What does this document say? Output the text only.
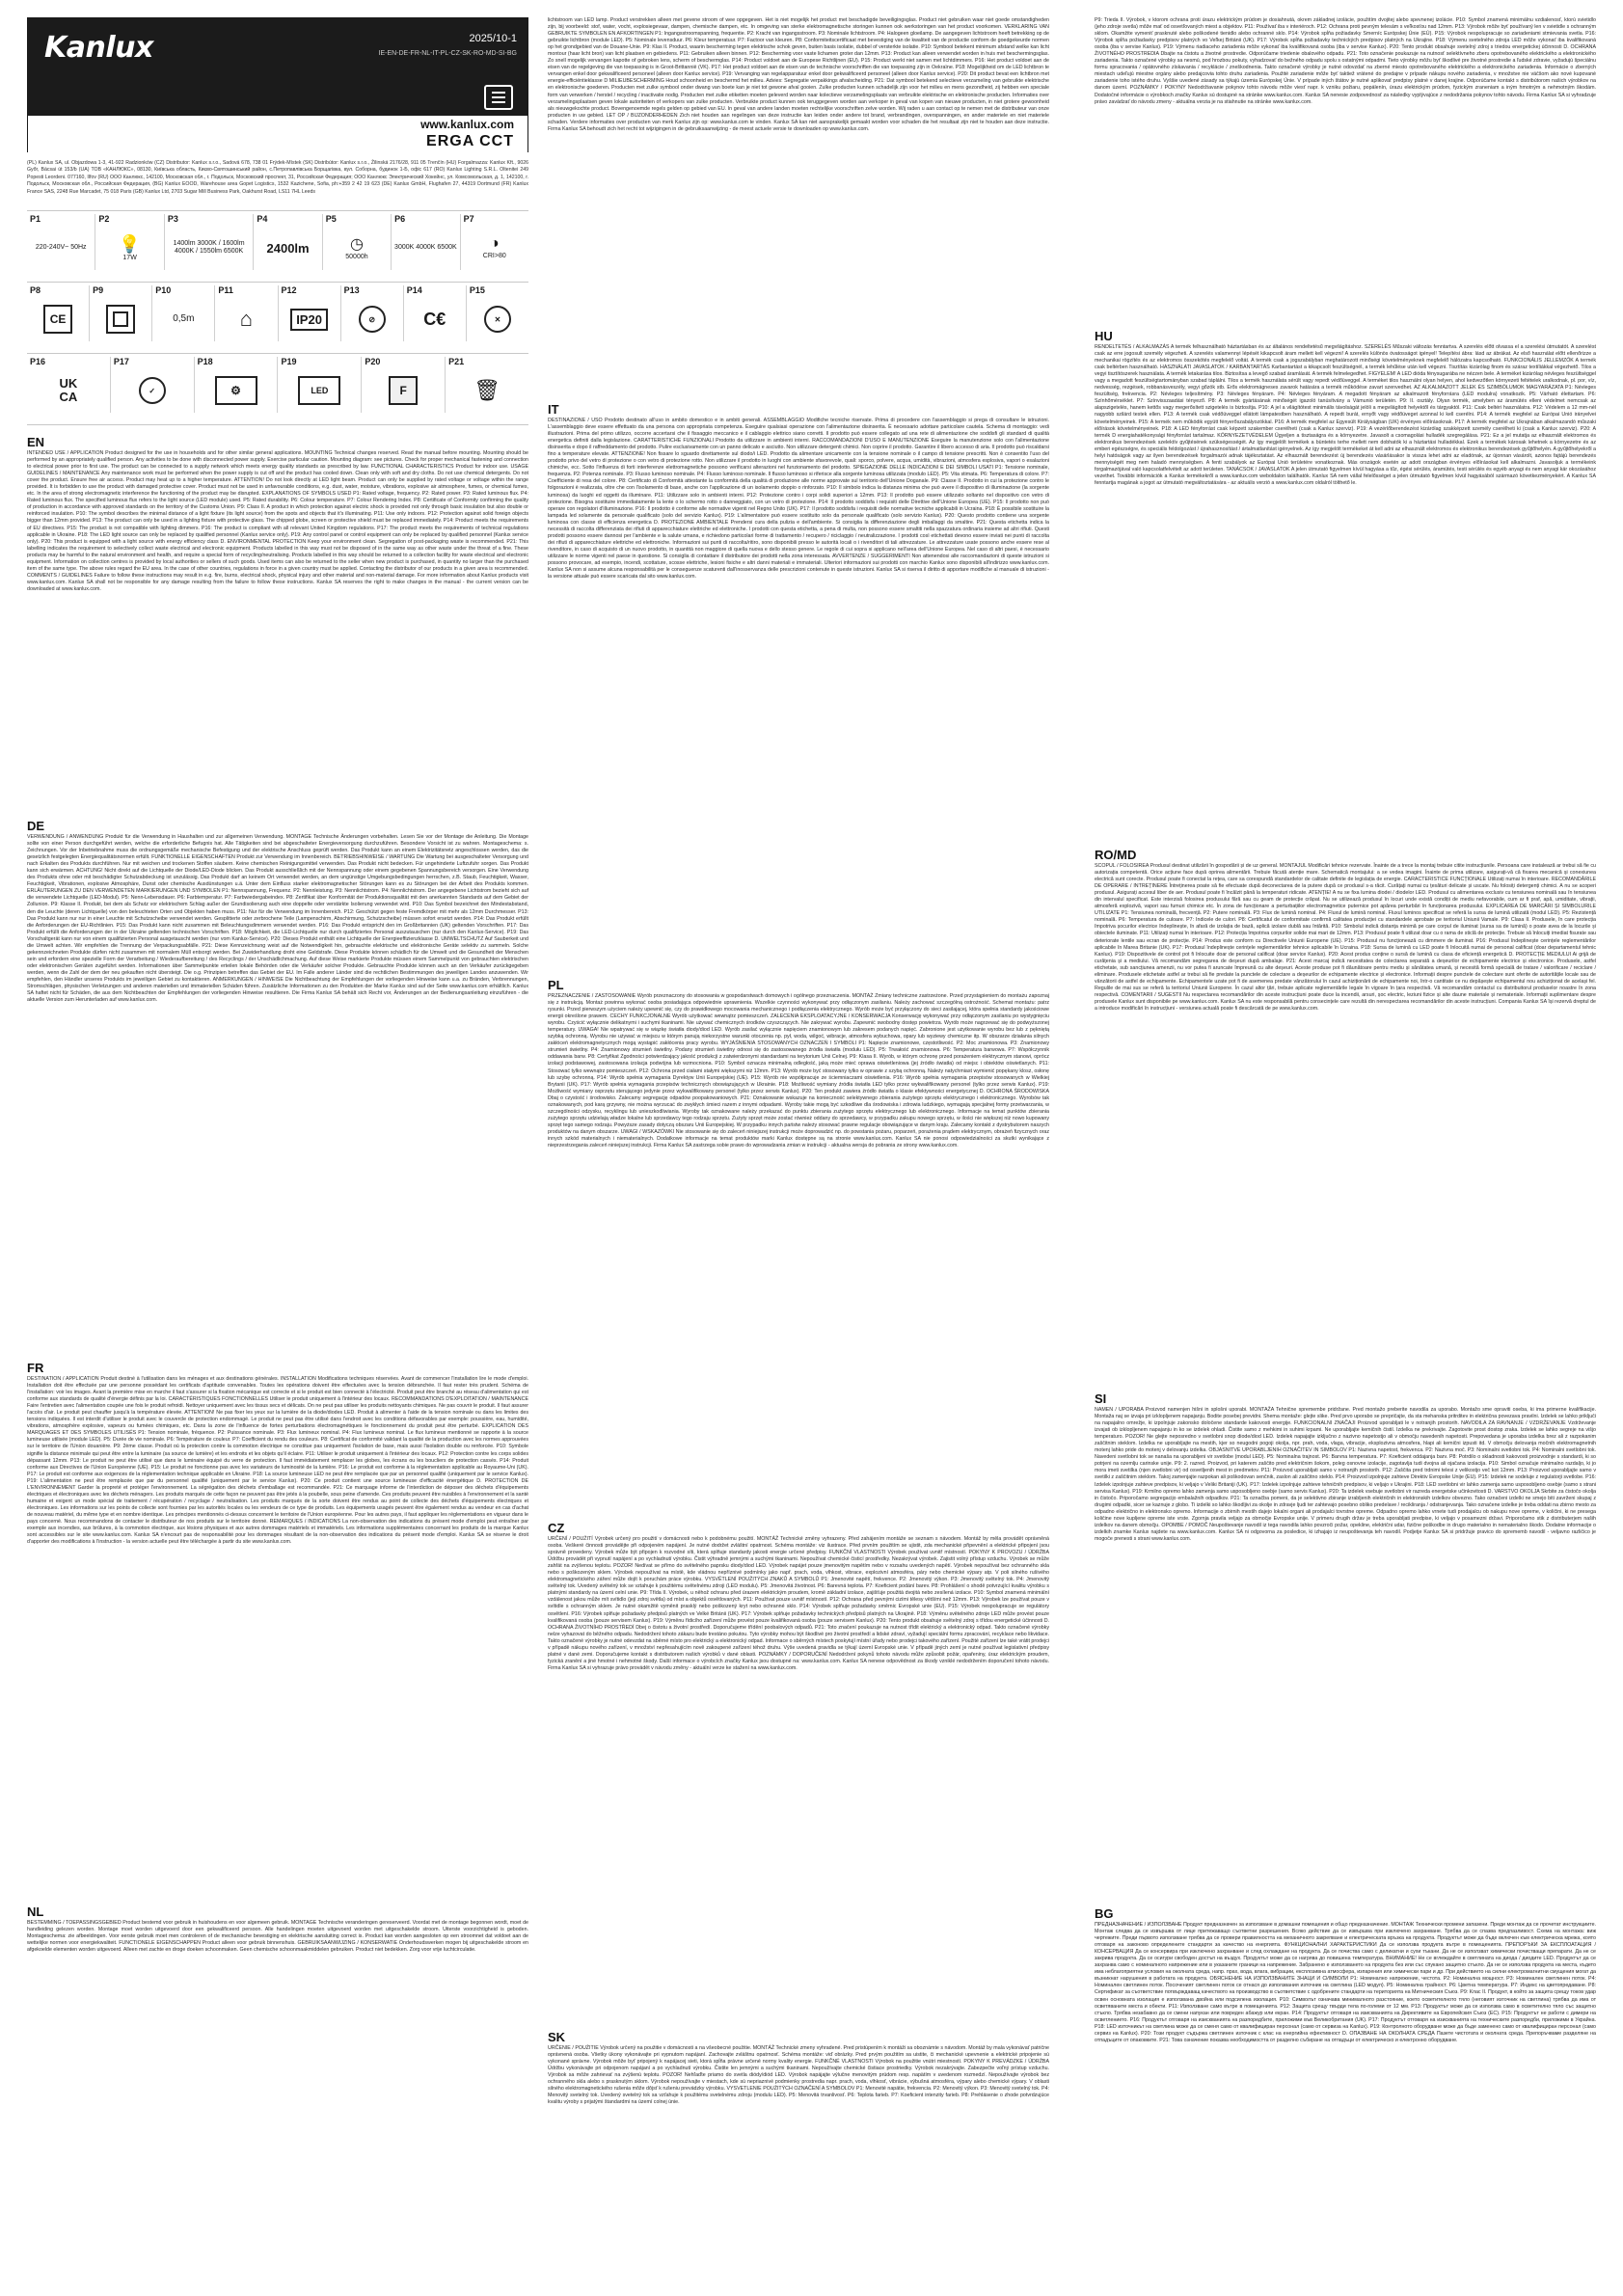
Kanlux	2025/10-1
IE-EN-DE-FR-NL-IT-PL-CZ-SK-RO-MD-SI-BG
www.kanlux.com
ERGA CCT
(PL) Kanlux SA, ul. Objazdowa 1-3, 41-922 Radzionków (CZ) Distributor: Kanlux s.r.o., Sadová 678, 738 01 Frýdek-Místek (SK) Distribútor: Kanlux s.r.o., Žilinská 2176/28, 911 05 Trenčín (HU) Forgalmazza: Kanlux Kft., 9026 Győr, Bácsai út 153/b (UA) TOB «КАНЛЮКС», 08130, Київська область, Києво-Святошинський район, с.Петропавлівська Борщагівка, вул. Соборна, будинок 1-Б, офіс 617 (RO) Kanlux Lighting S.R.L. Oltenitei 249 Popesti Leordeni. 077160, Ilfov (RU) ООО Канлюкс, 142100, Московская обл., г. Подольск, Московский проспект, 31, Российская Федерация; ООО Канлюкс Электрический Хокейнс, ул. Комсомольская, д. 1, 142100, г. Подольск, Московская обл., Российская Федерация, (BG) Kanlux EOOD, Warehouse area Gopet Logistics, 1532 Kazichene, Sofia, ph:+359 2 42 19 623 (DE) Kanlux GmbH, Flughafen 27, 44319 Dortmund (FR) Kanlux France SAS, 2248 Rue Marcadet, 75 018 Paris (GB) Kanlux Ltd, 2703 Sugar Mill Business Park, Oakhurst Road, LS11 7HL Leeds
P1
220-240V~ 50Hz
P2
💡
17W
P3
1400lm 3000K / 1600lm 4000K / 1550lm 6500K
P4
2400lm
P5
◷
50000h
P6
3000K 4000K 6500K
P7
◑
CRI>80
P8
CE
P9	P10
0,5m
P11
⌂
P12
IP20
P13
⊘
P14
C€
P15
✕
P16
UK CA
P17
✓
P18
⚙
P19
LED
P20
F
P21
🗑
EN
INTENDED USE / APPLICATION Product designed for the use in households and for other similar general applications. MOUNTING Technical changes reserved. Read the manual before mounting. Mounting should be performed by an appropriately qualified person. Any activities to be done with disconnected power supply. Exercise particular caution. Mounting diagram: see pictures. Check for proper mechanical fastening and connection to electrical power prior to first use. The product can be connected to a supply network which meets energy quality standards as prescribed by law. FUNCTIONAL CHARACTERISTICS Product for indoor use. USAGE GUIDELINES / MAINTENANCE Any maintenance work must be performed when the power supply is cut off and the product has cooled down. Clean only with soft and dry cloths. Do not use chemical detergents. Do not cover the product. Ensure free air access. Product may heat up to a higher temperature. ATTENTION! Do not look directly at LED light beam. Product can only be supplied by rated voltage or voltage within the range provided. It is forbidden to use the product with damaged protective cover. Product must not be used in unfavourable conditions, e.g. dust, water, moisture, vibrations, explosive air atmosphere, fumes, or chemical fumes, etc. In the area of strong electromagnetic interference the functioning of the product may be disrupted. EXPLANATIONS OF SYMBOLS USED P1: Rated voltage, frequency. P2: Rated power. P3: Rated luminous flux. P4: Rated luminous flux. The specified luminous flux refers to the light source (LED module) used. P5: Rated durability. P6: Colour temperature. P7: Colour Rendering Index. P8: Certificate of Conformity confirming the quality of production in accordance with approved standards on the territory of the Customs Union. P9: Class II. A product in which protection against electric shock is provided not only through basic insulation but also double or reinforced insulation. P10: The symbol describes the minimal distance of a light fixture (its light source) from the spots and objects that it's illuminating. P11: Use only indoors. P12: Protection against solid foreign objects bigger than 12mm provided. P13: The product can only be used in a lighting fixture with protective glass. The chipped globe, screen or protective shield must be replaced immediately. P14: Product meets the requirements of EU directives. P15: The product is not compatible with lighting dimmers. P16: The product is compliant with all relevant United Kingdom regulations. P17: The product meets the requirements of technical regulations applicable in Ukraine. P18: The LED light source can only be replaced by qualified personnel (Kanlux service only). P19: Any control panel or control equipment can only be replaced by qualified personnel (Kanlux service only). P20: This product is equipped with a light source with energy efficiency class D. ENVIRONMENTAL PROTECTION Keep your environment clean. Segregation of post-packaging waste is recommended. P21: This labelling indicates the requirement to selectively collect waste electrical and electronic equipment. Products labelled in this way must not be disposed of in the same way as other waste under the threat of a fine. These products may be harmful to the natural environment and health, and require a special form of recycling/neutralising. Products labelled in this way should be returned to a collection facility for waste electrical and electronic equipment. Information on collection centres is provided by local authorities or sellers of such goods. Used items can also be returned to the seller when new product is purchased, in quantity no larger than the purchased item of the same type. The above rules regard the EU area. In the case of other countries, regulations in force in a given country must be applied. Contacting the distributor of our products in a given area is recommended. COMMENTS / GUIDELINES Failure to follow these instructions may result in e.g. fire, burns, electrical shock, physical injury and other material and non-material damage. For more information about Kanlux products visit www.kanlux.com. Kanlux SA shall not be responsible for any damage resulting from the failure to follow these instructions. Kanlux SA reserves the right to make changes in the manual - the current version can be downloaded at www.kanlux.com.
DE
VERWENDUNG / ANWENDUNG Produkt für die Verwendung in Haushalten und zur allgemeinen Verwendung. MONTAGE Technische Änderungen vorbehalten. Lesen Sie vor der Montage die Anleitung. Die Montage sollte von einer Person durchgeführt werden, welche die erforderliche Befugnis hat. Alle Tätigkeiten sind bei abgeschalteter Energieversorgung durchzuführen. Besondere Vorsicht ist zu wahren. Montageschema: s. Zeichnungen. Vor der Inbetriebnahme muss die ordnungsgemäße mechanische Befestigung und der elektrische Anschluss geprüft werden. Das Produkt kann an einem Elektrizitätsnetz angeschlossen werden, das die gesetzlich festgelegten Energiequalitätsnormen erfüllt. FUNKTIONELLE EIGENSCHAFTEN Produkt zur Verwendung im Innenbereich. BETRIEBSHINWEISE / WARTUNG Die Wartung bei ausgeschalteter Versorgung und nach Erkalten des Produkts durchführen. Nur mit weichen und trockenen Stoffen säubern. Keine chemischen Reinigungsmittel verwenden. Das Produkt nicht bedecken. Für ungehinderte Luftzufuhr sorgen. Das Produkt kann sich erwärmen. ACHTUNG! Nicht direkt auf die Lichtquelle der Diode/LED-Diode blicken. Das Produkt ausschließlich mit der Nennspannung oder einem gegebenen Spannungsbereich versorgen. Eine Verwendung des Produkts ohne oder mit beschädigter Schutzabdeckung ist unzulässig. Das Produkt darf an keinem Ort verwendet werden, an dem ungünstige Umgebungsbedingungen herrschen, z.B. Staub, Feuchtigkeit, Wasser, Feuchtigkeit, Vibrationen, explosive Atmosphäre, Dunst oder chemische Ausdünstungen u.ä. Unter dem Einfluss starker elektromagnetischer Störungen kann es zu Störungen bei der Arbeit des Produkts kommen. ERLÄUTERUNGEN ZU DEN VERWENDETEN MARKIERUNGEN UND SYMBOLEN P1: Nennspannung, Frequenz. P2: Nennleistung. P3: Nennlichtstrom. P4: Nennlichtstrom. Der angegebene Lichtstrom bezieht sich auf die verwendete Lichtquelle (LED-Modul). P5: Nenn-Lebensdauer. P6: Farbtemperatur. P7: Farbwiedergabeindex. P8: Zertifikat über Konformität der Produktionsqualität mit den anerkannten Standards auf dem Gebiet der Zollunion. P9: Klasse II. Produkt, bei dem als Schutz vor elektrischem Schlag außer der Grundisolierung auch eine doppelte oder verstärkte Isolierung verwendet wird. P10: Das Symbol bezeichnet den Mindestabstand, den die Leuchte (deren Lichtquelle) von den beleuchteten Orten und Objekten haben muss. P11: Nur für die Verwendung im Innenbereich. P12: Geschützt gegen feste Fremdkörper mit mehr als 12mm Durchmesser. P13: Das Produkt kann nur nur in einer Leuchte mit Schutzscheibe verwendet werden. Gesplitterte oder zerbrochene Teile (Lampenschirm, Abschirmung, Schutzscheibe) müssen sofort ersetzt werden. P14: Das Produkt erfüllt die Anforderungen der EU-Richtlinien. P15: Das Produkt kann nicht zusammen mit Beleuchtungsdimmern verwendet werden. P16: Das Produkt entspricht den im Großbritannien (UK) geltenden Vorschriften. P17: Das Produkt erfüllt die Anforderungen der in der Ukraine geltenden technischen Vorschriften. P18: Möglichkeit, die LED-Lichtquelle nur durch qualifiziertes Personal auszutauschen (nur durch den Kanlux-Service). P19: Das Vorschaltgerät kann nur von einem qualifizierten Personal ausgetauscht werden (nur vom Kanlux-Service). P20: Dieses Produkt enthält eine Lichtquelle der Energieeffizienzklasse D. UMWELTSCHUTZ Auf Sauberkeit und die Umwelt achten. Wir empfehlen die Trennung der Verpackungsabfälle. P21: Diese Kennzeichnung weist auf die Notwendigkeit hin, gebrauchte elektrische und elektronische Geräte selektiv zu sammeln. Solche gekennzeichneten Produkte dürfen nicht zusammen mit normalem Müll entsorgt werden. Bei Zuwiderhandlung droht eine Geldstrafe. Diese Produkte können schädlich für die Umwelt und die Gesundheit der Menschen sein und erfordern eine spezielle Form der Verarbeitung / Wiederaufbereitung / des Recyclings / der Unschädlichmachung. Auf diese Weise markierte Produkte müssen einem Sammelpunkt von gebrauchten elektrischen oder elektronischen Geräten zugeführt werden. Informationen über Sammelpunkte erteilen lokale Behörden oder die Verkäufer solcher Produkte. Gebrauchte Produkte können auch an den Verkäufer zurückgegeben werden, wenn die Zahl der dem der neu gekauften nicht übersteigt. Die o.g. Prinzipien betreffen das Gebiet der EU. Im Falle anderer Länder sind die rechtlichen Bestimmungen des jeweiligen Landes anzuwenden. Wir empfehlen, den Händler unseres Produkts im jeweiligen Gebiet zu kontaktieren. ANMERKUNGEN / HINWEISE Die Nichtbeachtung der Empfehlungen der vorliegenden Hinweise kann u.a. zu Bränden, Verbrennungen, Stromschlägen, physischen Verletzungen und anderen materiellen und immateriellen Schäden führen. Zusätzliche Informationen zu den Produkten der Marke Kanlux sind auf der Seite www.kanlux.com erhältlich. Kanlux SA haftet nicht für Schäden, die aus dem Nichtbeachten der Empfehlungen der vorliegenden Hinweise resultieren. Die Firma Kanlux SA behält sich Recht vor, Änderungen an der Bedienungsanleitung einzuführen - die aktuelle Version zum Herunterladen auf www.kanlux.com.
FR
DESTINATION / APPLICATION Produit destiné à l'utilisation dans les ménages et aux destinations générales. INSTALLATION Modifications techniques réservées. Avant de commencer l'installation lire le mode d'emploi. Installation doit être effectuée par une personne possédant les certificats d'aptitude convenables. Toutes les opérations doivent être effectuées avec la tension débranchée. Il faut rester très prudent. Schéma de l'installation: voir les images. Avant la première mise en marche il faut s'assurer si la fixation mécanique est correcte et si le produit est bien connecté à l'électricité. Produit peut être branché au réseau d'alimentation qui est conforme aux standards de qualité d'énergie définis par la loi. CARACTÉRISTIQUES FONCTIONNELLES Utiliser le produit uniquement à l'intérieur des locaux. RECOMMANDATIONS D'EXPLOITATION / MAINTENANCE Faire l'entretien avec l'alimentation coupée une fois le produit refroidi. Nettoyer uniquement avec les tissus secs et délicats. On ne peut pas utiliser les produits nettoyants chimiques. Ne pas couvrir le produit. Il faut assurer l'accès d'air. Le produit peut chauffer jusqu'à la température élevée. ATTENTION! Ne pas fixer les yeux sur la lumière de la diode/diodes LED. Produit à alimenter à l'aide de la tension nominale ou dans les limites des tensions indiquées. Il est interdit d'utiliser le produit avec le couvercle de protection endommagé. Le produit ne peut pas être utilisé dans l'endroit avec les conditions défavorables par exemple: poussière, eau, humidité, vibrations, atmosphère explosive, vapeurs ou fumées chimiques, etc. Dans la zone de l'influence de fortes perturbations électromagnétiques le fonctionnement du produit peut être perturbé. EXPLICATION DES MARQUAGES ET DES SYMBOLES UTILISÉS P1: Tension nominale, fréquence. P2: Puissance nominale. P3: Flux lumineux nominal. P4: Flux lumineux nominal. Le flux lumineux mentionné se rapporte à la source lumineuse utilisée (module LED). P5: Durée de vie nominale. P6: Température de couleur. P7: Coefficient du rendu des couleurs. P8: Certificat de conformité validant la qualité de la production avec les normes approuvées sur le territoire de l'Union douanière. P9: 2ème classe. Produit où la protection contre la commotion électrique ne constitue pas uniquement l'isolation de base, mais aussi l'isolation double ou renforcée. P10: Symbole signifie la distance minimale qui peut être entre la luminaire (sa source de lumière) et les endroits et les objets qu'il éclaire. P11: Utiliser le produit uniquement à l'intérieur des locaux. P12: Protection contre les corps solides dépassant 12mm. P13: Le produit ne peut être utilisé que dans le luminaire équipé du verre de protection. Il faut immédiatement remplacer les globes, les écrans ou les boucliers de protection cassés. P14: Produit conforme aux Directives de l'Union Européenne (UE). P15: Le produit ne fonctionne pas avec les variateurs de luminosité de la lumière. P16: Le produit est conforme à la réglementation applicable au Royaume-Uni (UK). P17: Le produit est conforme aux exigences de la réglementation technique applicable en Ukraine. P18: La source lumineuse LED ne peut être remplacée que par un personnel qualifié (uniquement par le service Kanlux). P19: L'alimentation ne peut être remplacée que par du personnel qualifié (uniquement par le service Kanlux). P20: Ce produit contient une source lumineuse d'efficacité énergétique D. PROTECTION DE L'ENVIRONNEMENT Garder la propreté et protéger l'environnement. La ségrégation des déchets d'emballage est recommandée. P21: Ce marquage informe de l'interdiction de déposer des déchets d'équipements électriques et électroniques avec les déchets ménagers. Les produits marqués de cette façon ne peuvent pas être jetés à la poubelle, sous peine d'amende. Ces produits peuvent être nuisibles à l'environnement et la santé humaine et exigent un mode spécial de traitement / récupération / recyclage / neutralisation. Les produits marqués de la sorte doivent être rendus au point de collecte des déchets d'équipements électriques et électroniques. Les informations sur les points de collecte sont fournies par les autorités locales ou les vendeurs de ce type de produits. Les équipements usagés peuvent être également rendus au vendeur en cas d'achat de nouveau matériel, du même type et en nombre identique. Les principes mentionnés ci-dessus concernent le territoire de l'Union européenne. Pour les autres pays, il faut appliquer les réglementations en vigueur dans le pays concerné. Nous recommandons de contacter le distributeur de nos produits sur le territoire donné. REMARQUES / INDICATIONS La non-observation des indications du présent mode d'emploi peut entraîner par exemple aux incendies, aux brûlures, à la commotion électrique, aux lésions physiques et aux autres dommages matériels et immatériels. Les informations supplémentaires concernant les produits de la marque Kanlux sont accessibles sur le site www.kanlux.com. Kanlux SA n'encourt pas de responsabilité pour les dommages résultant de la non-observation des indications du présent mode d'emploi. Kanlux SA se réserve le droit d'apporter des modifications à l'instruction - la version actuelle peut être téléchargée à partir du site www.kanlux.com.
NL
BESTEMMING / TOEPASSINGSGEBIED Product bestemd voor gebruik in huishoudens en voor algemeen gebruik. MONTAGE Technische veranderingen gereserveerd. Voordat met de montage begonnen wordt, moet de handleiding gelezen worden. Montage moet worden uitgevoerd door een gekwalificeerd persoon. Alle handelingen moeten uitgevoerd worden met uitgeschakelde stroom. Uiterste voorzichtigheid is geboden. Montageschema: zie afbeeldingen. Voor eerste gebruik moet men controleren of de mechanische bevestiging en elektrische aansluiting correct is. Product kan worden aangesloten op een stroomnet dat voldoet aan de wettelijke normen voor energiekwaliteit. FUNCTIONELE EIGENSCHAPPEN Product alleen voor gebruik binnenshuis. GEBRUIKSAANWIJZING / KONSERWATIE Onderhoudswerken mogen bij uitgeschakelde stroom en afgekoelde elementen worden uitgevoerd. Alleen met zachte en droge doeken schoonmaken. Geen chemische schoonmaakmiddelen gebruiken. Product niet bedekken. Zorg voor vrije luchtcirculatie.
lichtstroom van LED lamp. Product verstrekken alleen met gevene stroom of wee opgegeven. Het is niet mogelijk het product met beschadigde beveiligingsglas. Product niet gebruiken waar niet goede omstandigheden zijn, bij voorbeeld: stof, water, vocht, explosiegevaar, dampen, chemische dampen, etc. In omgeving van sterke elektromagnetische storingen kunnen ook werkstoringen van het product voorkomen. VERKLARING VAN GEBRUIKTE SYMBOLEN EN AFKORTINGEN P1: Ingangsstroomspanning, frequentie. P2: Kracht van ingangsstroom. P3: Nominale lichtstroom. P4: Halogeen gloeilamp. De aangegeven lichtstroom heeft betrekking op de gebruikte lichtbron (module LED). P5: Nominale levensduur. P6: Kleur temperatuur. P7: Factoor van kleuren. P8: Conformiteitscertificaat met bevestiging van de kwaliteit van de productie conform de goedgekeurde normen op het grondgebied van de Douane-Unie. P9: Klas II. Product, waarin bescherming tegen elektrische schok geven, buiten basis isolatie, dubbel of versterkte isolatie. P10: Symbool betekent minimum afstand welke kan licht montour (haar licht bron) van licht plaatsen en gebiedens. P11: Gebruiken alleen binnen. P12: Bescherming voor vaste lichamen groter dan 12mm. P13: Product kan alleen verwendet worden in huis met beschermingsglas. Zo snell mogelijk vervangen kapotte of gebroken lens, scherm of beschermglas. P14: Product voldoet aan de Europese Richtlijnen (EU). P15: Product werkt niet samen met lichtdimmers. P16: Het product voldoet aan de eisen van de regelgeving die van toepassing is in Groot-Brittannië (VK). P17: Het product voldoet aan de eisen van de technische voorschriften die van toepassing zijn in Oekraïne. P18: Mogelijkheid om de LED lichtbron te vervangen enkel door gekwalificeerd personeel (alleen door Kanlux service). P19: Vervanging van regelapparatuur enkel door gekwalificeerd personeel (alleen door Kanlux service). P20: Dit product bevat een lichtbron met energie-efficiëntieklasse D MILIEUBESCHERMING Houd schoonheid en beschermd het milieu. Advies: Segregatie verpakkings afvalscheiding. P21: Dat symbool betekend selectieve verzameling van gebruikte elektrische en elektronische goederen. Producten met zulke symbool onder dwang van boete kan je niet tot gewone afval gooien. Zulke producten kunnen schadelijk zijn voor het milieu en mens gezondheid, zij hebben een speciale form van verwerken / herstel / recycling / inactivatie nodig. Producten met zulke etiketten moeten geleverd worden naar kolectieve verzamelingsplaats van verbruikte elektrische en elektronische producten. Informaties over verzamelingsplaatsen geven lokale autoriteiten of verkopers van zulke producten. Verbruikte product kunnen ook teruggegeven worden aan verkoper in geval van kopen van nieuwe producten, in niet grotere gewoonheid als nieuwgekochte product. Bovengenoemde regels gelden op gebied van EU. In geval van andere landen moeten rechtelijke voorschriften zelve worden. Wij raden u aan contact op te nemen met de distributeur van onze producten in uw gebied. LET OP / BIJZONDERHEDEN Zich niet houden aan regelingen van deze instructie kan leiden onder andere tot brand, verbrandingen, overspanningen, en ander materiele en niet materiele schaden. Verdere informaties over producten van merk Kanlux zijn op: www.kanlux.com te vinden. Kanlux SA kan niet aansprakelijk gemaakt worden voor schaden die het resultaat zijn niet te houden aan deze instructie. Firma Kanlux SA behoudt zich het recht tot wijzigingen in de gebruiksaanwijzing - de meest actuele versie te downloaden op www.kanlux.com.
IT
DESTINAZIONE / USO Prodotto destinato all'uso in ambito domestico e in ambiti generali. ASSEMBLAGGIO Modifiche tecniche riservate. Prima di procedere con l'assemblaggio si prega di consultare le istruzioni. L'assemblaggio deve essere effettuato da una persona con appropriata competenza. Eseguire qualsiasi operazione con l'alimentazione disinserita. È necessario adottare particolare cautela. Schema di montaggio: vedi illustrazioni. Prima del primo utilizzo, occorre accertarsi che il fissaggio meccanico e il cablaggio elettrico siano corretti. Il prodotto può essere collegato ad una rete di alimentazione che soddisfi gli standard di qualità energetica definiti dalla legislazione. CARATTERISTICHE FUNZIONALI Prodotto da utilizzare in ambienti interni. RACCOMANDAZIONI D'USO E MANUTENZIONE Eseguire la manutenzione solo con l'alimentazione disinserita e dopo il raffreddamento del prodotto. Pulire esclusivamente con un panno delicato e asciutto. Non utilizzare detergenti chimici. Non coprire il prodotto. Garantire il libero accesso di aria. Il prodotto può riscaldarsi fino a temperature elevate. ATTENZIONE! Non fissare lo sguardo direttamente sul diodo/i LED. Prodotto da alimentare unicamente con la tensione nominale o il campo di tensione prescritti. Non è consentito l'uso del prodotto privo del vetro di protezione o con vetro di protezione rotto. Non utilizzare il prodotto in luoghi con ambiente sfavorevole, quali: sporco, polvere, acqua, umidità, vibrazioni, atmosfera esplosiva, vapori o esalazioni chimiche, ecc. Sotto l'influenza di forti interferenze elettromagnetiche possono verificarsi alterazioni nel funzionamento del prodotto. SPIEGAZIONE DELLE INDICAZIONI E DEI SIMBOLI USATI P1: Tensione nominale, frequenza. P2: Potenza nominale. P3: Flusso luminoso nominale. P4: Flusso luminoso nominale. Il flusso luminoso si riferisce alla sorgente luminosa utilizzata (modulo LED). P5: Vita stimata. P6: Temperatura di colore. P7: Coefficiente di resa del colore. P8: Certificato di Conformità attestante la conformità della qualità di produzione alle norme approvate sul territorio dell'Unione Doganale. P9: Classe II. Prodotto in cui la protezione contro le folgorazioni è realizzata, oltre che con l'isolamento di base, anche con l'applicazione di un isolamento doppio o rinforzato. P10: Il simbolo indica la distanza minima che può avere il dispositivo di illuminazione (la sorgente luminosa) da luoghi ed oggetti da illuminare. P11: Utilizzare solo in ambienti interni. P12: Protezione contro i corpi solidi superiori a 12mm. P13: Il prodotto può essere utilizzato soltanto nel dispositivo con vetro di protezione. Bisogna sostituire immediatamente la lente o lo schermo rotto o danneggiato, con un vetro di protezione. P14: Il prodotto soddisfa i requisiti delle Direttive dell'Unione Europea (UE). P15: Il prodotto non può operare con regolatori d'illuminazione. P16: Il prodotto è conforme alle normative vigenti nel Regno Unito (UK). P17: Il prodotto soddisfa i requisiti delle normative tecniche applicabili in Ucraina. P18: È possibile sostituire la lampada led solamente da personale qualificato (solo del servizio Kanlux). P19: L'alimentatore può essere sostituito solo da personale qualificato (solo servizio Kanlux). P20: Questo prodotto contiene una sorgente luminosa con classe di efficienza energetica D. PROTEZIONE AMBIENTALE Prendersi cura della pulizia e dell'ambiente. Si consiglia la differenziazione degli imballaggi da smaltire. P21: Questa etichetta indica la necessità di raccolta differenziata dei rifiuti di apparecchiature elettriche ed elettroniche. I prodotti con questa etichetta, a pena di multa, non possono essere smaltiti nella spazzatura ordinaria insieme ad altri rifiuti. Questi prodotti possono essere dannosi per l'ambiente e la salute umana, e richiedono particolari forme di trattamento / recupero / riciclaggio / neutralizzazione. I prodotti così etichettati devono essere inviati nei punti di raccolta dei rifiuti di apparecchiature elettriche ed elettroniche. Informazioni sui punti di raccolta/ritiro, sono disponibili presso le autorità locali o i rivenditori di tali attrezzature. Le attrezzature usate possono anche essere rese al rivenditore, in caso di acquisto di un nuovo prodotto, in quantità non maggiore di quella nuova e dello stesso genere. Le regole di cui sopra si applicano nell'area dell'Unione Europea. Nel caso di altri paesi, è necessario utilizzare le norme vigenti nel paese in questione. Si consiglia di contattare il distributore dei prodotti nella zona interessata. AVVERTENZE / SUGGERIMENTI Non attenendosi alle raccomandazioni di queste istruzioni si possono provocare, ad esempio, incendi, scottature, scosse elettriche, lesioni fisiche e altri danni materiali e immateriali. Ulteriori informazioni sui prodotti con marchio Kanlux sono disponibili all'indirizzo www.kanlux.com. Kanlux SA non si assume alcuna responsabilità per le conseguenze scaturenti dall'inosservanza delle prescrizioni contenute in queste istruzioni. Kanlux SA si riserva il diritto di apportare modifiche al manuale di istruzioni - la versione attuale può essere scaricata dal sito www.kanlux.com.
PL
PRZEZNACZENIE / ZASTOSOWANIE Wyrób przeznaczony do stosowania w gospodarstwach domowych i ogólnego przeznaczenia. MONTAŻ Zmiany techniczne zastrzeżone. Przed przystąpieniem do montażu zapoznaj się z instrukcją. Montaż powinna wykonać osoba posiadająca odpowiednie uprawnienia. Wszelkie czynności wykonywać przy odłączonym zasilaniu. Należy zachować szczególną ostrożność. Schemat montażu: patrz rysunki. Przed pierwszym użyciem należy upewnić się, czy do prawidłowego mocowania mechanicznego i podłączenia elektrycznego. Wyrób może być przyłączony do sieci zasilającej, która spełnia standardy jakościowe energii określone prawem. CECHY FUNKCJONALNE Wyrób użytkować wewnątrz pomieszczeń. ZALECENIA EKSPLOATACYJNE / KONSERWACJA Konserwację wykonywać przy odłączonym zasilaniu po wystygnięciu wyrobu. Czyścić wyłącznie delikatnymi i suchymi tkaninami. Nie używać chemicznych środków czyszczących. Nie zakrywać wyrobu. Zapewnić swobodny dostęp powietrza. Wyrób może nagrzewać się do podwyższonej temperatury. UWAGA! Nie wpatrywać się w wiązkę światła diody/diod LED. Wyrób zasilać wyłącznie napięciem znamionowym lub zakresem podanych napięć. Zabronione jest użytkowanie wyrobu bez lub z pękniętą szybką ochronną. Wyrobu nie używać w miejscu w którym panują niekorzystne warunki otoczenia np. pył, woda, wilgoć, wibracje, atmosfera wybuchowa, opary lub wyziewy chemiczne itp. W obszarze działania silnych zakłóceń elektromagnetycznych mogą wystąpić zakłócenia pracy wyrobu. WYJAŚNIENIA STOSOWANYCH OZNACZEŃ I SYMBOLI P1: Napięcie znamionowe, częstotliwość. P2: Moc znamionowa. P3: Znamionowy strumień świetlny. P4: Znamionowy strumień świetlny. Podany strumień świetlny odnosi się do zastosowanego źródła światła (modułu LED). P5: Trwałość znamionowa. P6: Temperatura barwowa. P7: Współczynnik oddawania barw. P8: Certyfikat Zgodności potwierdzający jakość produkcji z zatwierdzonymi standardami na terytorium Unii Celnej. P9: Klasa II. Wyrób, w którym ochronę przed porażeniem elektrycznym stanowi, oprócz izolacji podstawowej, zastosowana izolacja podwójna lub wzmocniona. P10: Symbol oznacza minimalną odległość, jaką może mieć oprawa oświetleniowa (jej źródło światła) od miejsc i obiektów oświetlanych. P11: Stosować tylko wewnątrz pomieszczeń. P12: Ochrona przed ciałami stałymi większymi niż 12mm. P13: Wyrób może być stosowany tylko w oprawie z szybą ochronną. Należy natychmiast wymienić popękany klosz, osłonę lub szybę ochronną. P14: Wyrób spełnia wymagania Dyrektyw Unii Europejskiej (UE). P15: Wyrób nie współpracuje ze ściemniaczami oświetlenia. P16: Wyrób spełnia wymagania przepisów stosowanych w Wielkiej Brytanii (UK). P17: Wyrób spełnia wymagania przepisów technicznych obowiązujących w Ukrainie. P18: Możliwość wymiany źródła światła LED tylko przez wykwalifikowany personel (tylko przez serwis Kanlux). P19: Możliwość wymiany osprzętu sterującego jedynie przez wykwalifikowany personel (tylko przez serwis Kanlux). P20: Ten produkt zawiera źródło światła o klasie efektywności energetycznej D. OCHRONA ŚRODOWISKA Dbaj o czystość i środowisko. Zalecamy segregację odpadów poopakowaniowych. P21: Oznakowanie wskazuje na konieczność selektywnego zbierania zużytego sprzętu elektrycznego i elektronicznego. Wyrobów tak oznakowanych, pod karą grzywny, nie można wyrzucać do zwykłych śmieci razem z innymi odpadami. Wyroby takie mogą być szkodliwe dla środowiska i zdrowia ludzkiego, wymagają specjalnej formy przetwarzania, w szczególności odzysku, recyklingu lub unieszkodliwiania. Wyroby tak oznakowane należy przekazać do punktu zbierania zużytego sprzętu elektrycznego lub elektronicznego. Informacje na temat punktów zbierania zużytego sprzętu udzielają władze lokalne lub sprzedawcy tego rodzaju sprzętu. Zużyty sprzęt może zostać również oddany do sprzedawcy, w przypadku zakupu nowego sprzętu, w ilości nie większej niż nowo kupowany sprzęt tego samego rodzaju. Powyższe zasady dotyczą obszaru Unii Europejskiej. W przypadku innych państw należy stosować prawne regulacje obowiązujące w danym kraju. Zalecamy kontakt z dystrybutorem naszych produktów na danym obszarze. UWAGI / WSKAZÓWKI Nie stosowanie się do zaleceń niniejszej instrukcji może doprowadzić np. do powstania pożaru, poparzeń, porażenia prądem elektrycznym, obrażeń fizycznych oraz innych szkód materialnych i niematerialnych. Dodatkowe informacje na temat produktów marki Kanlux dostępne są na stronie www.kanlux.com. Kanlux SA nie ponosi odpowiedzialności za skutki wynikające z nieprzestrzegania zaleceń niniejszej instrukcji. Firma Kanlux SA zastrzega sobie prawo do wprowadzania zmian w instrukcji - aktualna wersja do pobrania ze strony www.kanlux.com.
CZ
URČENÍ / POUŽITÍ Výrobek určený pro použití v domácnosti nebo k podobnému použití. MONTÁŽ Technické změny vyhrazeny. Před zahájením montáže se seznam s návodem. Montáž by měla provádět oprávněná osoba. Veškeré činnosti provádějte při odpojeném napájení. Je nutné dodržet zvláštní opatrnost. Schéma montáže: viz ilustrace. Před prvním použitím se ujistit, zda mechanické připevnění a elektrické připojení jsou správně provedeny. Výrobek může být připojen k rozvodné síti, která splňuje standardy jakosti energie určené předpisy. FUNKČNÍ VLASTNOSTI Výrobek používat uvnitř místností. POKYNY K PROVOZU / ÚDRŽBA Údržbu provádět při vypnutí napájení a po vychladnutí výrobku. Čistit výhradně jemnými a suchými tkaninami. Nepoužívat chemické čisticí prostředky. Nezakrývat výrobek. Zajistit volný přístup vzduchu. Výrobek se může zahřát na zvýšenou teplotu. POZOR! Nedívat se přímo do světelného paprsku diody/diod LED. Výrobek napájet pouze jmenovitým napětím nebo v rozsahu uvedených napětí. Výrobek nepoužívat bez ochranného skla nebo s poškozeným sklem. Výrobek nepoužívat na místě, kde vládnou nepříznivé podmínky jako např. prach, voda, vlhkost, vibrace, explozivní atmosféra, páry nebo chemické výpary atp. V poli silného rušivého elektromagnetického záření může dojít k poruchám práce výrobku. VYSVĚTLENÍ POUŽITÝCH ZNAKŮ A SYMBOLŮ P1: Jmenovité napětí, frekvence. P2: Jmenovitý výkon. P3: Jmenovitý světelný tok. P4: Jmenovitý světelný tok. Uvedený světelný tok se vztahuje k použitému světelnému zdroji (LED modulu). P5: Jmenovitá životnost. P6: Barevná teplota. P7: Koeficient podání barev. P8: Prohlášení o shodě potvrzující kvalitu výrobku s platnými standardy na území celní unie. P9: Třída II. Výrobek, u něhož ochranu před úrazem elektrickým proudem, kromě základní izolace, zajišťuje použitá dvojitá nebo zesílená izolace. P10: Symbol znamená minimální vzdálenost jakou může mít svítidlo (její zdroj světla) od míst a objektů osvětlovaných. P11: Používat pouze uvnitř místností. P12: Ochrana před pevnými cizími tělesy většími než 12mm. P13: Výrobek lze používat pouze v svítidle s ochranným sklem. Je nutné okamžitě vyměnit prasklý nebo poškozený kryt nebo ochranné sklo. P14: Výrobek splňuje požadavky směrnic Evropské unie (EU). P15: Výrobek nespolupracuje se regulátory osvětlení. P16: Výrobek splňuje požadavky předpisů platných ve Velké Británii (UK). P17: Výrobek splňuje požadavky technických předpisů platných na Ukrajině. P18: Výměnu světelného zdroje LED může provést pouze kvalifikovaná osoba (pouze servisem Kanlux). P19: Výměnu řídicího zařízení může provést pouze kvalifikovaná osoba (pouze servisem Kanlux). P20: Tento produkt obsahuje světelný zdroj s třídou energetické účinnosti D. OCHRANA ŽIVOTNÍHO PROSTŘEDÍ Dbej o čistotu a životní prostředí. Doporučujeme třídění poobalových odpadů. P21: Toto značení poukazuje na nutnost třídit elektrický a elektronický odpad. Takto označené výrobky nelze vyhazovat do běžného odpadu. Nedodržení tohoto zákazu bude trestáno pokutou. Tyto výrobky mohou být škodlivé pro životní prostředí a lidské zdraví, vyžadují speciální formu zpracování, recyklace nebo likvidace. Takto označené výrobky je nutné odevzdat na sběrné místo pro elektrický a elektronický odpad. Informace o sběrných místech poskytují místní úřady nebo prodejci takového zařízení. Použité zařízení lze také vrátit prodejci v případě nákupu nového zařízení, v množství nepřesahujícím nově zakoupené zařízení téhož druhu. Výše uvedená pravidla se týkají území Evropské unie. V případě jiných zemí je nutné používat legislativní předpisy platné v dané zemi. Doporučujeme kontakt s distributorem našich výrobků v dané oblasti. POZNÁMKY / DOPORUČENÍ Nedodržení pokynů tohoto návodu může způsobit požár, opařeniny, úraz elektrickým proudem, fyzická zranění a jiné hmotné i nehmotné škody. Další informace o výrobcích značky Kanlux jsou dostupné na: www.kanlux.com. Kanlux SA nenese odpovědnost za škody vzniklé nedodržením doporučení tohoto návodu. Firma Kanlux SA si vyhrazuje právo provádět v návodu změny - aktuální verze ke stažení na www.kanlux.com.
SK
URČENIE / POUŽITIE Výrobok určený na použitie v domácnosti a na všeobecné použitie. MONTÁŽ Technické zmeny vyhradené. Pred pristúpením k montáži sa oboznámte s návodom. Montáž by mala vykonávať patrične oprávnená osoba. Všetky úkony vykonávajte pri vypnutom napájaní. Zachovajte zvláštnu opatrnosť. Schéma montáže: viď obrázky. Pred prvým použitím sa uistite, či mechanické upevnenie a elektrické pripojenie sú vykonané správne. Výrobok môže byť pripojený k napájacej sieti, ktorá spĺňa právne určené normy kvality energie. FUNKČNÉ VLASTNOSTI Výrobok na použitie vnútri miestností. POKYNY K PREVÁDZKE / ÚDRŽBA Údržbu vykonávajte pri odpojenom napájaní a po vychladnutí výrobku. Čistite len jemnými a suchými tkaninami. Nepoužívajte chemické čistiace prostriedky. Výrobok nezakrývajte. Zabezpečte voľný prístup vzduchu. Výrobok sa môže zahrievať na zvýšenú teplotu. POZOR! Nehľaďte priamo do svetla diódy/diód LED. Výrobok napájajte výlučne menovitým prúdom resp. napätím v uvedenom rozmedzí. Nepoužívajte výrobok bez ochranného skla alebo s prasknutým sklom. Výrobok nepoužívajte v miestach, kde sú nepriaznivé podmienky prostredia napr. prach, voda, vlhkosť, vibrácie, výbušná atmosféra, výpary alebo chemické výpary. V oblasti silného elektromagnetického rušenia môže dôjsť k rušeniu prevádzky výrobku. VYSVETLENIE POUŽITÝCH OZNAČENÍ A SYMBOLOV P1: Menovité napätie, frekvencia. P2: Menovitý výkon. P3: Menovitý svetelný tok. P4: Menovitý svetelný tok. Uvedený svetelný tok sa vzťahuje k použitému svetelnému zdroju (modulu LED). P5: Menovitá trvanlivosť. P6: Teplota farieb. P7: Koeficient intenzity farieb. P8: Prehlásenie o zhode potvrdzujúce kvalitu výroby s prijatými štandardmi na území colnej únie.
P9: Trieda II. Výrobok, v ktorom ochrana proti úrazu elektrickým prúdom je dosiahnutá, okrem základnej izolácie, použitím dvojitej alebo spevnenej izolácie. P10: Symbol znamená minimálnu vzdialenosť, ktorú svietidlo (jeho zdroje svetla) môže mať od osvetľovaných miest a objektov. P11: Používať iba v interiéroch. P12: Ochrana proti pevným telesám s veľkosťou nad 12mm. P13: Výrobok môže byť používaný len v svietidle s ochranným sklom. Okamžite vymeniť prasknuté alebo poškodené tienidlo alebo ochranné sklo. P14: Výrobok spĺňa požiadavky Smerníc Európskej Únie (EÚ). P15: Výrobok nespolupracuje so zariadeniami stmievania svetla. P16: Výrobok spĺňa požiadavky predpisov platných vo Veľkej Británii (UK). P17: Výrobok spĺňa požiadavky technických predpisov platných na Ukrajine. P18: Výmenu svetelného zdroja LED môže vykonať iba kvalifikovaná osoba (iba v servise Kanlux). P19: Výmenu riadiaceho zariadenia môže vykonať iba kvalifikovaná osoba (iba v servise Kanlux). P20: Tento produkt obsahuje svetelný zdroj s triedou energetickej účinnosti D. OCHRANA ŽIVOTNÉHO PROSTREDIA Dbajte na čistotu a životné prostredie. Odporúčame triedenie obalového odpadu. P21: Toto označenie poukazuje na nutnosť selektívneho zberu opotrebovaného elektrického a elektronického zariadenia. Takto označené výrobky sa nesmú, pod hrozbou pokuty, vyhadzovať do bežného odpadu spolu s ostatnými odpadmi. Tieto výrobky môžu byť škodlivé pre životné prostredie a ľudské zdravie, vyžadujú špeciálnu formu spracovania / opätovného získavania / recyklácie / zneškodnenia. Takto označené výrobky je nutné odovzdať na zberné miesto opotrebovaného elektrického a elektronického zariadenia. Informácie o zberných miestach udeľujú miestne orgány alebo predajcovia tohto druhu zariadenia. Použité zariadenie môže byť taktiež vrátené do predajne v prípade nákupu nového zariadenia, v množstve nie väčšom ako nové kupované zariadenie toho istého druhu. Vyššie uvedené zásady sa týkajú územia Európskej Únie. V prípade iných štátov je nutné aplikovať predpisy platné v danej krajine. Odporúčame kontakt s distribútorom našich výrobkov na danom území. POZNÁMKY / POKYNY Nedodržiavanie pokynov tohto návodu môže viesť napr. k vzniku požiaru, popálenín, úrazu elektrickým prúdom, fyzickým zraneniam a iným hmotným a nehmotným škodám. Dodatočné informácie o výrobkoch značky Kanlux sú dostupné na stránke www.kanlux.com. Kanlux SA nenesie zodpovednosť za následky vyplývajúce z nedodržania pokynov tohto návodu. Firma Kanlux SA si vyhradzuje právo zavádzať do návodu zmeny - aktuálna verzia je na stiahnutie na stránke www.kanlux.com.
HU
RENDELTETÉS / ALKALMAZÁS A termék felhasználható háztartásban és az általános rendeltetésű megvilágításhoz. SZERELÉS Műszaki változás fenntartva. A szerelés előtt olvassa el a szerelési útmutatót. A szerelést csak az erre jogosult személy végezheti. A szerelés valamennyi lépését kikapcsolt áram mellett kell végezni! A szerelés különös óvatosságot igényel! Telepítési ábra: lásd az ábrákat. Az első használat előtt ellenőrizze a mechanikai rögzítés és az elektromos összekötés megfelelő voltát. A termék csak a jogszabályban meghatározott minőségi követelményeknek megfelelő hálózatra kapcsolható. FUNKCIONÁLIS JELLEMZŐK A termék csak beltérben használható. HASZNÁLATI JAVASLATOK / KARBANTARTÁS Karbantartást a kikapcsolt feszültségnél, a termék lehűlése után kell végezni. Tisztítás kizárólag finom és száraz textíliákkal végezhető. Tilos a vegyi tisztítószerek használata. A termék letakarása tilos. Biztosítsa a levegő szabad áramlását. A termék felmelegedhet. FIGYELEM! A LED dióda fénysugarába ne nézzen bele. A terméket kizárólag névleges feszültséggel vagy a megadott feszültségtartományban szabad táplálni. Tilos a termék használata sérült vagy repedt védőüveggel. A terméket tilos használni olyan helyen, ahol kedvezőtlen környezeti feltételek uralkodnak, pl. por, víz, nedvesség, rezgések, robbanásveszély, vegyi gőzök stb. Erős elektromágneses zavarok hatására a termék működése zavart szenvedhet. AZ ALKALMAZOTT JELEK ÉS SZIMBÓLUMOK MAGYARÁZATA P1: Névleges feszültség, frekvencia. P2: Névleges teljesítmény. P3: Névleges fényáram. P4: Névleges fényáram. A megadott fényáram az alkalmazott fényforrásra (LED modulra) vonatkozik. P5: Várható élettartam. P6: Színhőmérséklet. P7: Színvisszaadási tényező. P8: A termék gyártásának minőségét igazoló tanúsítvány a Vámunió területén. P9: II. osztály. Olyan termék, amelyben az áramütés elleni védelmet nemcsak az alapszigetelés, hanem kettős vagy megerősített szigetelés is biztosítja. P10: A jel a világítótest minimális távolságát jelöli a megvilágított helyektől és tárgyaktól. P11: Csak beltéri használatra. P12: Védelem a 12 mm-nél nagyobb szilárd testek ellen. P13: A termék csak védőüveggel ellátott lámpatestben használható. A repedt burát, ernyőt vagy védőüveget azonnal ki kell cserélni. P14: A termék megfelel az Európai Unió irányelvei követelményeinek. P15: A termék nem működik együtt fényerőszabályozókkal. P16: A termék megfelel az Egyesült Királyságban (UK) érvényes előírásoknak. P17: A termék megfelel az Ukrajnában alkalmazandó műszaki előírások követelményeinek. P18: A LED fényforrást csak képzett szakember cserélheti (csak a Kanlux szerviz). P19: A vezérlőberendezést kizárólag szakképzett személy cserélheti ki (csak a Kanlux szerviz). P20: A termék D energiahatékonysági fényforrást tartalmaz. KÖRNYEZETVÉDELEM Ügyeljen a tisztaságra és a környezetre. Javasolt a csomagolási hulladék szegregálása. P21: Ez a jel mutatja az elhasznált elektromos és elektronikus berendezések szelektív gyűjtésének szükségességét. Az így megjelölt termékek a büntetés terhe mellett nem dobhatók ki a háztartási hulladékkal. Ezek a termékek károsak lehetnek a környezetre és az emberi egészségre, és speciális feldolgozást / újrahasznosítást / ártalmatlanítást igényelnek. Az így megjelölt termékeket át kell adni az elhasznált elektromos és elektronikus berendezések gyűjtőhelyén. A gyűjtőhelyekről a helyi hatóságok vagy az ilyen berendezések forgalmazói adnak tájékoztatást. Az elhasznált berendezést új berendezés vásárlásakor is vissza lehet adni az eladónak, az újonnan vásárolt, azonos fajtájú berendezés mennyiségét meg nem haladó mennyiségben. A fenti szabályok az Európai Unió területére vonatkoznak. Más országok esetén az adott országban érvényes előírásokat kell alkalmazni. Javasoljuk a termékeink forgalmazójával való kapcsolatfelvételt az adott területen. TANÁCSOK / JAVASLATOK A jelen útmutató figyelmen kívül hagyása a tűz, égési sérülés, áramütés, testi sérülés és egyéb anyagi és nem anyagi kár okozásához vezethet. További információk a Kanlux termékekről a www.kanlux.com weboldalon találhatók. Kanlux SA nem vállal felelősséget a jelen útmutató figyelmen kívül hagyásából származó következményekért. A Kanlux SA fenntartja magának a jogot az útmutató megváltoztatására - az aktuális verzió a www.kanlux.com oldalról tölthető le.
RO/MD
SCOPUL / FOLOSIREA Produsul destinat utilizării în gospodării și de uz general. MONTAJUL Modificări tehnice rezervate. Înainte de a trece la montaj trebuie citite instrucțiunile. Persoana care instalează ar trebui să fie cu autorizația competentă. Orice acțiune face după oprirea alimentării. Trebuie făcută atenție mare. Schematică montajului: a se vedea imagini. Înainte de prima utilizare, asigurați-vă că fixarea mecanică și conexiunea electrică sunt corecte. Produsul poate fi conectat la rețea, care sa corespundă standardelor de calitate definite de legislația de energie. CARACTERISTICE FUNCȚIONALE Utilizați numai în interioare. RECOMANDĂRILE DE OPERARE / INTREȚINERE Întreținerea poate să fie efectuate după deconectarea de la putere după ce produsul s-a răcit. Curățați numai cu țesături delicate și uscate. Nu folosiți detergenți chimici. A nu se acoperi produsul. Asigurați accesul liber de aer. Produsul poate fi încălzit până la temperaturi ridicate. ATENȚIE! A nu se fixa lumina diodei / diodelor LED. Produsul cu alimentarea exclusiv cu tensiunea nominală sau în tensiunea din intervalul specificat. Este interzisă folosirea produsului fără sau cu geam de protecție crăpat. Nu se utilizează produsul în locuri unde există condiții de mediu nefavorabile, cum ar fi praf, apă, umiditate, vibrații, atmosferă explozivă, vapori sau fumuri chimice etc. În zona de funcționare a perturbațiilor electromagnetice puternice pot apărea perturbări în funcționarea produsului. EXPLICAREA DE MARCĂRI ȘI SIMBOLURILE UTILIZATE P1: Tensiunea nominală, frecvență. P2: Putere nominală. P3: Flux de lumină nominal. P4: Fluxul de lumină nominal. Fluxul luminos specificat se referă la sursa de lumină utilizată (modul LED). P5: Rezistență nominală. P6: Temperatura de culoare. P7: Indicele de culori. P8: Certificatul de conformitate confirmă calitatea producției cu standardele aprobate pe teritoriul Uniunii Vamale. P9: Clasa II. Produsele, în care protecția împotriva șocurilor electrice îndeplinește, în afară de izolația de bază, aplică izolare dublă sau întărită. P10: Simbolul indică distanța minimă pe care corpul de iluminat (sursa sa de lumină) o poate avea de la locurile și obiectele iluminate. P11: Utilizați numai în interioare. P12: Protecția împotriva corpurilor solide mai mari de 12mm. P13: Produsul poate fi utilizat doar cu o rama de sticlă de protecție. Trebuie să înlocuiți imediat fisurate sau deteriorate lentile sau ecran de protecție. P14: Produs este conform cu Directivele Uniunii Europene (UE). P15: Produsul nu funcționează cu dimmere de iluminat. P16: Produsul îndeplinește cerințele reglementărilor aplicabile în Marea Britanie (UK). P17: Produsul îndeplinește cerințele reglementărilor tehnice aplicabile în Ucraina. P18: Sursa de lumină cu LED poate fi înlocuită numai de personal calificat (doar departamentul tehnic Kanlux). P19: Dispozitivele de control pot fi înlocuite doar de personal calificat (doar service Kanlux). P20: Acest produs conține o sursă de lumină cu clasa de eficiență energetică D. PROTECȚIE MEDIULUI Ai grijă de curățenia și a mediului. Vă recomandăm segregarea de deșeuri după ambalaje. P21: Acest marcaj indică necesitatea de colectarea separată a deșeurilor de echipamente electrice și electronice. Produsele, astfel etichetate, sub sancțiunea amenzii, nu vor putea fi aruncate împreună cu alte deșeuri. Aceste produse pot fi dăunătoare pentru mediu și sănătatea umană, și necesită formă specială de tratare / valorificare / reciclare / eliminare. Produsele etichetate astfel ar trebui să fie predate la punctele de colectare a deșeurilor de echipamente electrice și electronice. Informații despre punctele de colectare sunt oferite de autoritățile locale sau de vânzătorii de astfel de echipamente. Echipamentele uzate pot fi de asemenea predate vânzătorului în cazul achiziționării de echipamente noi, într-o cantitate ce nu depășește echipamentul nou achiziționat de același fel. Regulile de mai sus se referă la teritoriul Uniunii Europene. În cazul altor țări, trebuie aplicate reglementările legale în vigoare în țara respectivă. Vă recomandăm contactul cu distribuitorul produselor noastre în zona respectivă. COMENTARII / SUGESTII Nu respectarea recomandărilor din aceste instrucțiuni poate duce la incendii, arsuri, șoc electric, leziuni fizice și alte daune materiale și nemateriale. Informații suplimentare despre produsele Kanlux sunt disponibile pe www.kanlux.com. Kanlux SA nu este responsabilă pentru consecințele care rezultă din nerespectarea recomandărilor din aceste instrucțiuni. Compania Kanlux SA își rezervă dreptul de a introduce modificări în instrucțiuni - versiunea actuală poate fi descărcată de pe www.kanlux.com.
SI
NAMEN / UPORABA Proizvod namenjen hišni in splošni uporabi. MONTAŽA Tehnične spremembe pridržane. Pred montažo preberite navodila za uporabo. Montažo sme opraviti oseba, ki ima primerne kvalifikacije. Montaža naj se izvaja pri izklopljenem napajanju. Bodite posebej previdni. Shema montaže: glejte slike. Pred prvo uporabo se prepričajte, da sta mehanska pritrditev in električna povezava pravilni. Izdelek se lahko priključi na napajalno omrežje, ki izpolnjuje zakonsko določene standarde kakovosti energije. FUNKCIONALNI ZNAČAJI Proizvod uporabljati le v notranjih prostorih. NAVODILA ZA RAVNANJE / VZDRŽEVANJE Vzdrževanje izvajati ob izklopljenem napajanju in ko se izdelek ohladi. Čistite samo z mehkimi in suhimi krpami. Ne uporabljajte kemičnih čistil. Izdelka ne prekrivajte. Zagotovite prost dostop zraka. Izdelek se lahko segreje na višjo temperaturo. POZOR! Ne glejte neposredno v svetlobni snop diode/diod LED. Izdelek napajajte izključno z nazivno napetostjo ali v območju navedenih napetosti. Prepovedana je uporaba izdelka brez ali z razpokanim zaščitnim steklom. Izdelka ne uporabljajte na mestih, kjer so neugodni pogoji okolja, npr. prah, voda, vlaga, vibracije, eksplozivna atmosfera, hlapi ali kemični izpusti itd. V območju delovanja močnih elektromagnetnih motenj lahko pride do motenj v delovanju izdelka. OBJASNITVE UPORABLJENIH OZNAČITEV IN SIMBOLOV P1: Nazivna napetost, frekvenca. P2: Nazivna moč. P3: Nominalni svetlobni tok. P4: Nominalni svetlobni tok. Navedeni svetlobni tok se nanaša na uporabljeni vir svetlobe (modul LED). P5: Nominalna trajnost. P6: Barvna temperatura. P7: Koeficient oddajanja barv. P8: Potrdilo o skladnosti kakovosti proizvodnje s standardi, ki so potrjeni na ozemlju carinske unije. P9: 2. razred. Proizvod, pri katerem zaščito pred električnim šokom, poleg osnovne izolacije, zagotavlja tudi dvojna ali ojačana izolacija. P10: Simbol označuje minimalno razdaljo, ki jo mora imeti svetilka (njen svetlobni vir) od osvetljenih mest in predmetov. P11: Proizvod uporabljati samo v notranjih prostorih. P12: Zaščita pred trdnimi telesi z velikostjo več kot 12mm. P13: Proizvod uporabljajte samo v svetilki z zaščitnim steklom. Takoj zamenjajte razpokan ali poškodovan senčnik, zaslon ali zaščitno steklo. P14: Proizvod izpolnjuje zahteve Direktiv Evropske Unije (EU). P15: Izdelek ne sodeluje z regulatorji svetlobe. P16: Izdelek izpolnjuje zahteve predpisov, ki veljajo v Veliki Britaniji (UK). P17: Izdelek izpolnjuje zahteve tehničnih predpisov, ki veljajo v Ukrajini. P18: LED svetlobni vir lahko zamenja samo usposobljeno osebje (samo s strani servisa Kanlux). P19: Krmilno opremo lahko zamenja samo usposobljeno osebje (samo servis Kanlux). P20: Ta izdelek vsebuje svetlobni vir razreda energetske učinkovitosti D. VARSTVO OKOLJA Skrbite za čistočo okolja in čistočo. Priporočamo segregacijo embalažnih odpadkov. P21: Ta označba pomeni, da je selektivno zbiranje izrabljenih električnih in elektronskih izdelkov obvezno. Tako označeni izdelki ne smejo biti zavrženi skupaj z drugimi odpadki, sicer se kaznuje z globo. Ti izdelki so lahko škodljivi za okolje in zdravje ljudi ter zahtevajo posebno obliko predelave / recikliranja / odstranjevanja. Tako označene izdelke je treba oddati na zbirno mesto za odpadno električno in elektronsko opremo. Informacije o zbirnih mestih dajejo lokalni organi ali prodajalci tovrstne opreme. Odpadno opremo lahko vrnete tudi prodajalcu ob nakupu nove opreme, v količini, ki ne presega količine nove kupljene opreme iste vrste. Zgornja pravila veljajo za območje Evropske unije. V primeru drugih držav je treba uporabljati predpise, ki veljajo v posamezni državi. Priporočamo stik z distributerjem naših izdelkov na danem območju. OPOMBE / POMOČ Neupoštevanje navodil iz tega navodila lahko povzroči požar, opekline, električni udar, fizične poškodbe in drugo materialno in nematerialno škodo. Dodatne informacije o izdelkih znamke Kanlux najdete na www.kanlux.com. Kanlux SA ni odgovorna za posledice, ki izhajajo iz neupoštevanja teh navodil. Podjetje Kanlux SA si pridržuje pravico do sprememb navodil - veljavno različico je mogoče prenesti s strani www.kanlux.com.
BG
ПРЕДНАЗНАЧЕНИЕ / ИЗПОЛЗВАНЕ Продукт предназначен за използване в домашни помещения и общо предназначение. МОНТАЖ Технически промени запазени. Преди монтаж да се прочетат инструкциите. Монтаж следва да се извършва от лице притежаващо съответни разрешения. Всяко действие да се извършва при изключено захранване. Трябва да се спазва предпазливост. Схема на монтажа: виж чертежите. Преди първото използване трябва да се провери правилността на механичното закрепване и електрическата връзка на продукта. Продуктът може да бъде включен към електрическа мрежа, която отговаря на законово определените стандарти за качество на енергията. ФУНКЦИОНАЛНИ ХАРАКТЕРИСТИКИ Да се използва продукта вътре в помещенията. ПРЕПОРЪКИ ЗА ЕКСПЛОАТАЦИЯ / КОНСЕРВАЦИЯ Да се консервира при изключено захранване и след охлаждане на продукта. Да се почиства само с деликатни и сухи тъкани. Да не се използват химически почистващи препарати. Да не се закрива продукта. Да се осигури свободен достъп на въздух. Продуктът може да се нагрява до повишена температура. ВНИМАНИЕ! Не се вглеждайте в светлината на диода / диодите LED. Продуктът да се захранва само с номиналното напрежение или в указаните граници на напрежение. Забранено е използването на продукта без или със спукано защитно стъкло. Да не се използва продукта на места, където има неблагоприятни условия на околната среда, напр. прах, вода, влага, вибрации, експлозивна атмосфера, изпарения или химически пари и др. При действието на силни електромагнитни смущения могат да възникнат нарушения в работата на продукта. ОБЯСНЕНИЕ НА ИЗПОЛЗВАНИТЕ ЗНАЦИ И СИМВОЛИ P1: Номинално напрежение, честота. P2: Номинална мощност. P3: Номинален светлинен поток. P4: Номинален светлинен поток. Посоченият светлинен поток се отнася до използвания източник на светлина (LED модул). P5: Номинална трайност. P6: Цветна температура. P7: Индекс на цветопредаване. P8: Сертификат за съответствие потвърждаващ качеството на производство в съответствие с одобрените стандарти на територията на Митническия Съюз. P9: Клас II. Продукт, в който за защита срещу токов удар освен основната изолация е използвана двойна или подсилена изолация. P10: Символът означава минималното разстояние, което осветителното тяло (неговият източник на светлина) трябва да има от осветяваните места и обекти. P11: Използване само вътре в помещенията. P12: Защита срещу твърди тела по-големи от 12 мм. P13: Продуктът може да се използва само в осветително тяло със защитно стъкло. Трябва незабавно да се смени напукан или повреден абажур или екран. P14: Продуктът отговаря на изискванията на Директивите на Европейския Съюз (ЕС). P15: Продуктът не работи с димери на осветлението. P16: Продуктът отговаря на изискванията на разпоредбите, приложими във Великобритания (UK). P17: Продуктът отговаря на изискванията на техническите разпоредби, приложими в Украйна. P18: LED източникът на светлина може да се сменя само от квалифициран персонал (само от сервиза на Kanlux). P19: Контролното оборудване може да бъде заменено само от квалифициран персонал (само сервиз на Kanlux). P20: Този продукт съдържа светлинен източник с клас на енергийна ефективност D. ОПАЗВАНЕ НА ОКОЛНАТА СРЕДА Пазете чистотата и околната среда. Препоръчваме разделяне на отпадъците от опаковките. P21: Това означение показва необходимостта от разделно събиране на отпадъци от електрическо и електронно оборудване.
